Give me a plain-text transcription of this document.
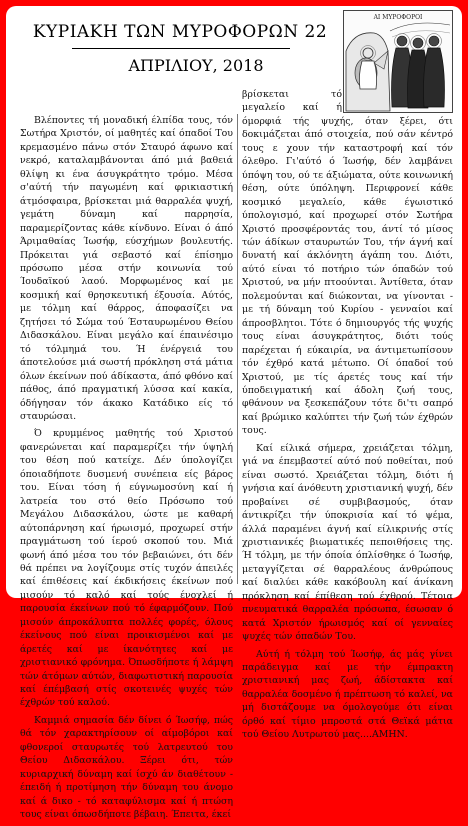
ΚΥΡΙΑΚΗ ΤΩΝ ΜΥΡΟΦΟΡΩΝ 22
ΑΠΡΙΛΙΟΥ, 2018
ΑΙ ΜΥΡΟΦΟΡΟΙ

Βλέποντες τή μοναδική έλπίδα τους, τόν Σωτήρα Χριστόν, οί μαθητές καί όπαδοί Του κρεμασμένο πάνω στόν Σταυρό άφωνο καί νεκρό, καταλαμβάνονται άπό μιά βαθειά θλίψη κι ένα άσυγκράτητο τρόμο. Μέσα σ'αύτή τήν παγωμένη καί φρικιαστική άτμόσφαιρα, βρίσκεται μιά θαρραλέα ψυχή, γεμάτη δύναμη καί παρρησία, παραμερίζοντας κάθε κίνδυνο. Είναι ό άπό Άριμαθαίας Ίωσήφ, εύσχήμων βουλευτής. Πρόκειται γιά σεβαστό καί έπίσημο πρόσωπο μέσα στήν κοινωνία τού Ίουδαϊκού λαού. Μορφωμένος καί με κοσμική καί θρησκευτική έξουσία. Αύτός, με τόλμη καί θάρρος, άποφασίζει να ζητήσει τό Σώμα τού Έσταυρωμένου Θείου Διδασκάλου. Είναι μεγάλο καί έπαινέσιμο τό τόλμημά του. Ή ένέργειά του άποτελούσε μιά σωστή πρόκληση στά μάτια όλων έκείνων πού άδίκαστα, άπό φθόνο καί πάθος, άπό πραγματική λύσσα καί κακία, όδήγησαν τόν άκακο Κατάδικο είς τό σταυρώσαι.

Ό κρυμμένος μαθητής τού Χριστού φανερώνεται καί παραμερίζει τήν ύψηλή του θέση πού κατείχε. Δέν ύπολογίζει όποιαδήποτε δυσμενή συνέπεια είς βάρος του. Είναι τόση ή εύγνωμοσύνη καί ή λατρεία του στό θείο Πρόσωπο τού Μεγάλου Διδασκάλου, ώστε με καθαρή αύτοπάρνηση καί ήρωισμό, προχωρεί στήν πραγμάτωση τού ίερού σκοπού του. Μιά φωνή άπό μέσα του τόν βεβαιώνει, ότι δέν θά πρέπει να λογίζουμε στίς τυχόν άπειλές καί έπιθέσεις καί έκδικήσεις έκείνων πού μισούν τό καλό καί τούς ένοχλεί ή παρουσία έκείνων πού τό έφαρμόζουν. Πού μισούν άπροκάλυπτα πολλές φορές, όλους έκείνους πού είναι προικισμένοι καί με άρετές καί με ίκανότητες καί με χριστιανικό φρόνημα. Όπωσδήποτε ή λάμψη τών άτόμων αύτών, διαφωτιστική παρουσία καί έπέμβασή στίς σκοτεινές ψυχές τών έχθρών τού καλού.

Καμμιά σημασία δέν δίνει ό Ίωσήφ, πώς θά τόν χαρακτηρίσουν οί αίμοβόροι καί φθονεροί σταυρωτές τού λατρευτού του Θείου Διδασκάλου. Ξέρει ότι, τών κυριαρχική δύναμη καί ίσχύ άν διαθέτουν - έπειδή ή προτίμηση τήν δύναμη του άνομο καί ά δικο - τό καταφύλισμα καί ή πτώση τους είναι όπωσδήποτε βέβαιη. Έπειτα, έκεί

βρίσκεται τό μεγαλείο καί ή όμορφιά τής ψυχής, όταν ξέρει, ότι δοκιμάζεται άπό στοιχεία, πού σάν κέντρό τους ε χουν τήν καταστροφή καί τόν όλεθρο. Γι'αύτό ό Ίωσήφ, δέν λαμβάνει ύπόψη του, ού τε άξιώματα, ούτε κοινωνική θέση, ούτε ύπόληψη. Περιφρονεί κάθε κοσμικό μεγαλείο, κάθε έγωιστικό ύπολογισμό, καί προχωρεί στόν Σωτήρα Χριστό προσφέροντάς του, άντί τό μίσος τών άδίκων σταυρωτών Του, τήν άγνή καί δυνατή καί άκλόνητη άγάπη του. Διότι, αύτό είναι τό ποτήριο τών όπαδών τού Χριστού, να μήν πτοούνται. Άντίθετα, όταν πολεμούνται καί διώκονται, να γίνονται - με τή δύναμη τού Κυρίου - γενναίοι καί άπροσβλητοι. Τότε ό δημιουργός τής ψυχής τους είναι άσυγκράτητος, διότι τούς παρέχεται ή εύκαιρία, να άντιμετωπίσουν τόν έχθρό κατά μέτωπο. Οί όπαδοί τού Χριστού, με τίς άρετές τους καί τήν ύποδειγματική καί άδολη ζωή τους, φθάνουν να ξεσκεπάζουν τότε δι'τι σαπρό καί βρώμικο καλύπτει τήν ζωή τών έχθρών τους.

Καί είλικά σήμερα, χρειάζεται τόλμη, γιά να έπεμβαστεί αύτό πού ποθείται, πού είναι σωστό. Χρειάζεται τόλμη, διότι ή γνήσια καί άνόθευτη χριστιανική ψυχή, δέν προβαίνει σέ συμβιβασμούς, όταν άντικρίζει τήν ύποκρισία καί τό ψέμα, άλλά παραμένει άγνή καί είλικρινής στίς χριστιανικές βιωματικές πεποιθήσεις της. Ή τόλμη, με τήν όποία όπλίσθηκε ό Ίωσήφ, μεταγγίζεται σέ θαρραλέους άνθρώπους καί διαλύει κάθε κακόβουλη καί άνίκανη πρόκληση καί έπίθεση τού έχθρού. Τέτοια πνευματικά θαρραλέα πρόσωπα, έσωσαν ό κατά Χριστόν ήρωισμός καί οί γενναίες ψυχές τών όπαδών Του.

Αύτή ή τόλμη τού Ίωσήφ, άς μάς γίνει παράδειγμα καί με τήν έμπρακτη χριστιανική μας ζωή, άδίστακτα καί θαρραλέα δοσμένο ή πρέπτωση τό καλεί, να μή διστάζουμε να όμολογούμε ότι είναι όρθό καί τίμιο μπροστά στά Θεϊκά μάτια τού Θείου Λυτρωτού μας....ΑΜΗΝ.
